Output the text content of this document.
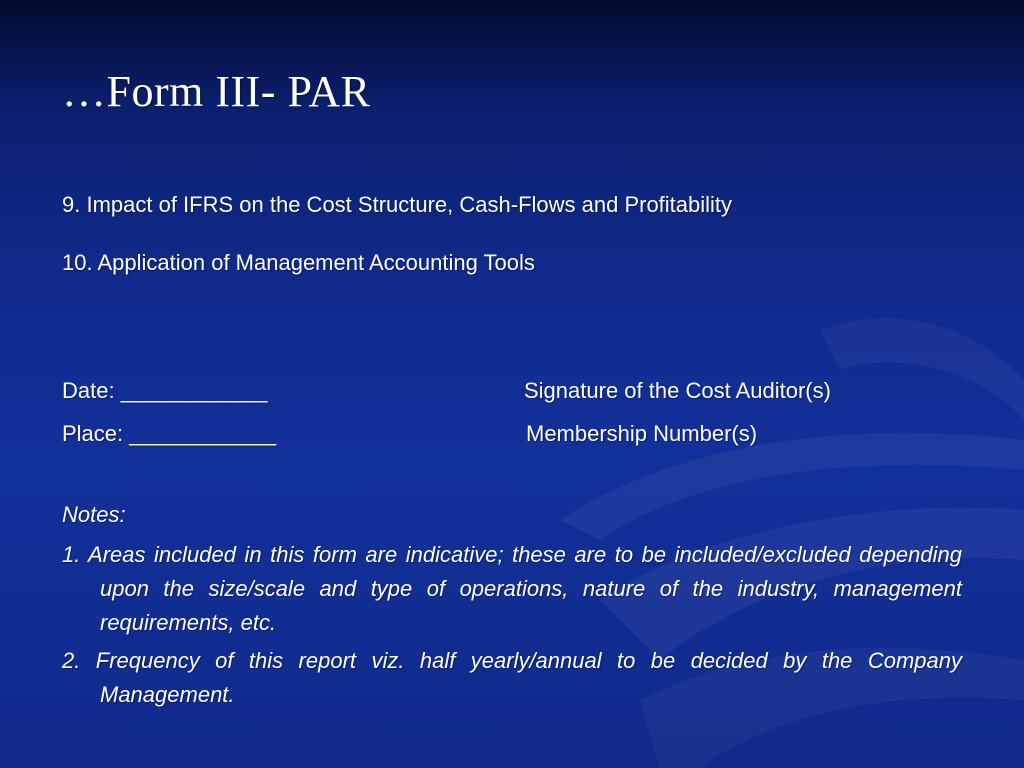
…Form III- PAR
9. Impact of IFRS on the Cost Structure, Cash-Flows and Profitability
10. Application of Management Accounting Tools
Date: ____________
Place: ____________
Signature of the Cost Auditor(s)
Membership Number(s)

Notes:

1. Areas included in this form are indicative; these are to be included/excluded depending upon the size/scale and type of operations, nature of the industry, management requirements, etc.

2. Frequency of this report viz. half yearly/annual to be decided by the Company Management.
